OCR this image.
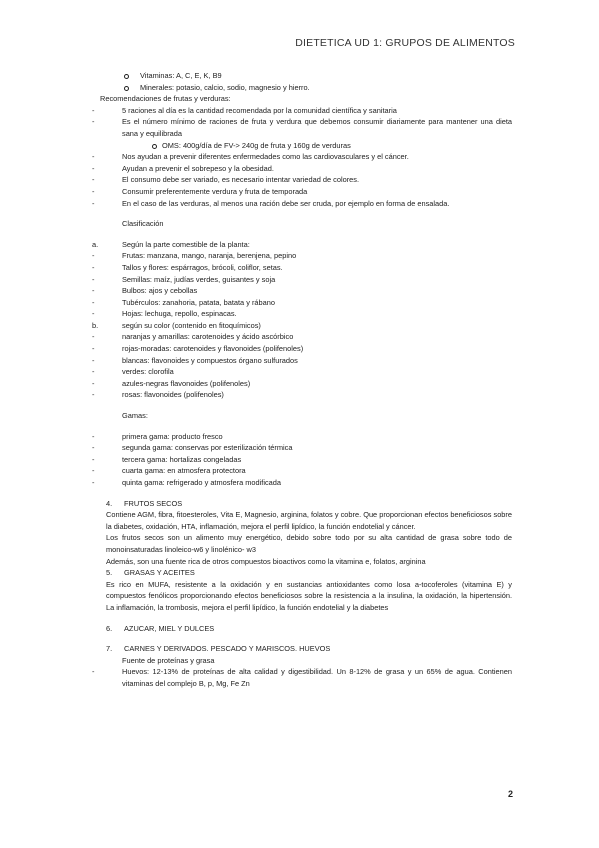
DIETETICA UD 1: GRUPOS DE ALIMENTOS
Vitaminas: A, C, E, K, B9
Minerales: potasio, calcio, sodio, magnesio y hierro.
Recomendaciones de frutas y verduras:
-	5 raciones al día es la cantidad recomendada por la comunidad científica y sanitaria
-	Es el número mínimo de raciones de fruta y verdura que debemos consumir diariamente para mantener una dieta sana y equilibrada
OMS: 400g/día de FV-> 240g de fruta y 160g de verduras
-	Nos ayudan a prevenir diferentes enfermedades como las cardiovasculares y el cáncer.
-	Ayudan a prevenir el sobrepeso y la obesidad.
-	El consumo debe ser variado, es necesario intentar variedad de colores.
-	Consumir preferentemente verdura y fruta de temporada
-	En el caso de las verduras, al menos una ración debe ser cruda, por ejemplo en forma de ensalada.
Clasificación
a.	Según la parte comestible de la planta:
-	Frutas: manzana, mango, naranja, berenjena, pepino
-	Tallos y flores: espárragos, brócoli, coliflor, setas.
-	Semillas: maíz, judías verdes, guisantes y soja
-	Bulbos: ajos y cebollas
-	Tubérculos: zanahoria, patata, batata y rábano
-	Hojas: lechuga, repollo, espinacas.
b.	según su color (contenido en fitoquímicos)
-	naranjas y amarillas: carotenoides y ácido ascórbico
-	rojas-moradas: carotenoides y flavonoides (polifenoles)
-	blancas: flavonoides y compuestos órgano sulfurados
-	verdes: clorofila
-	azules-negras flavonoides (polifenoles)
-	rosas: flavonoides (polifenoles)
Gamas:
-	primera gama: producto fresco
-	segunda gama: conservas por esterilización térmica
-	tercera gama: hortalizas congeladas
-	cuarta gama: en atmosfera protectora
-	quinta gama: refrigerado y atmosfera modificada
4. FRUTOS SECOS
Contiene AGM, fibra, fitoesteroles, Vita E, Magnesio, arginina, folatos y cobre. Que proporcionan efectos beneficiosos sobre la diabetes, oxidación, HTA, inflamación, mejora el perfil lipídico, la función endotelial y cáncer.
Los frutos secos son un alimento muy energético, debido sobre todo por su alta cantidad de grasa sobre todo de monoinsaturadas linoleico-w6 y linolénico- w3
Además, son una fuente rica de otros compuestos bioactivos como la vitamina e, folatos, arginina
5. GRASAS Y ACEITES
Es rico en MUFA, resistente a la oxidación y en sustancias antioxidantes como losa a-tocoferoles (vitamina E) y compuestos fenólicos proporcionando efectos beneficiosos sobre la resistencia a la insulina, la oxidación, la hipertensión. La inflamación, la trombosis, mejora el perfil lipídico, la función endotelial y la diabetes
6. AZUCAR, MIEL Y DULCES
7. CARNES Y DERIVADOS. PESCADO Y MARISCOS. HUEVOS
Fuente de proteínas y grasa
-	Huevos: 12-13% de proteínas de alta calidad y digestibilidad. Un 8-12% de grasa y un 65% de agua. Contienen vitaminas del complejo B, p, Mg, Fe Zn
2
